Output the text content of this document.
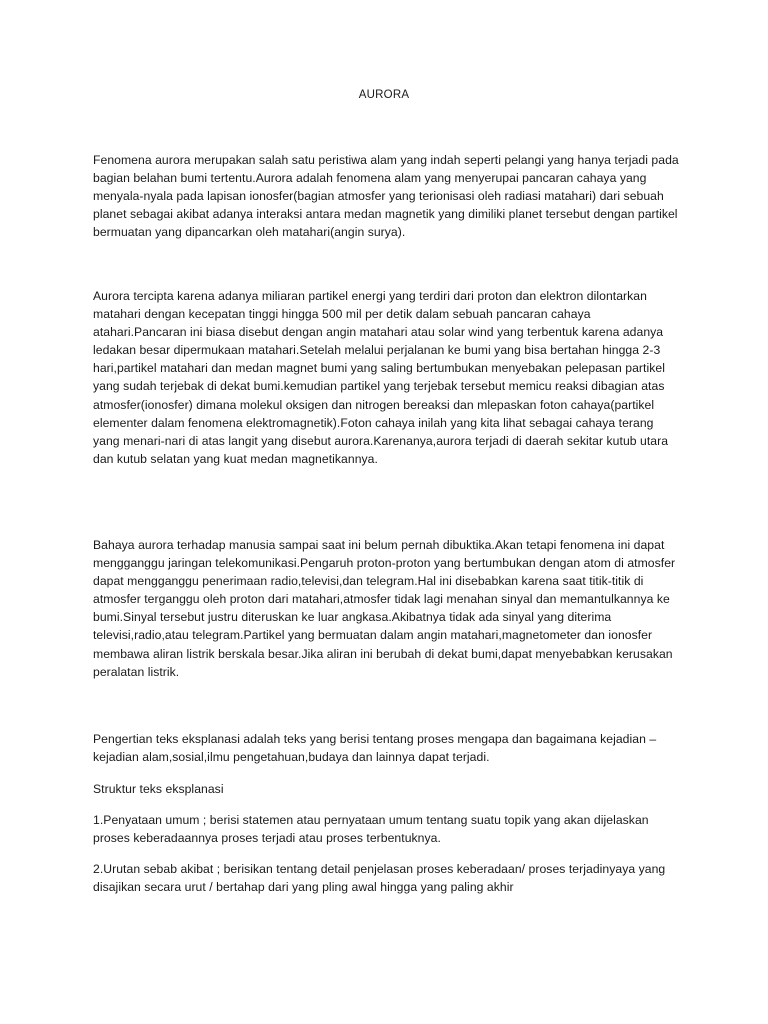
AURORA

Fenomena aurora merupakan salah satu peristiwa alam yang indah seperti pelangi yang hanya terjadi pada bagian belahan bumi tertentu.Aurora adalah fenomena alam yang menyerupai pancaran cahaya yang menyala-nyala pada lapisan ionosfer(bagian atmosfer yang terionisasi oleh radiasi matahari) dari sebuah planet sebagai akibat adanya interaksi antara medan magnetik yang dimiliki planet tersebut dengan partikel bermuatan yang dipancarkan oleh matahari(angin surya).

Aurora tercipta karena adanya miliaran partikel energi yang terdiri dari proton dan elektron dilontarkan matahari dengan kecepatan tinggi hingga 500 mil per detik dalam sebuah pancaran cahaya atahari.Pancaran ini biasa disebut dengan angin matahari atau solar wind yang terbentuk karena adanya ledakan besar dipermukaan matahari.Setelah melalui perjalanan ke bumi yang bisa bertahan hingga 2-3 hari,partikel matahari dan medan magnet bumi yang saling bertumbukan menyebakan pelepasan partikel yang sudah terjebak di dekat bumi.kemudian partikel yang terjebak tersebut memicu reaksi dibagian atas atmosfer(ionosfer) dimana molekul oksigen dan nitrogen bereaksi dan mlepaskan foton cahaya(partikel elementer dalam fenomena elektromagnetik).Foton cahaya inilah yang kita lihat sebagai cahaya terang yang menari-nari di atas langit yang disebut aurora.Karenanya,aurora terjadi di daerah sekitar kutub utara dan kutub selatan yang kuat medan magnetikannya.

Bahaya aurora terhadap manusia sampai saat ini belum pernah dibuktika.Akan tetapi fenomena ini dapat mengganggu jaringan telekomunikasi.Pengaruh proton-proton yang bertumbukan dengan atom di atmosfer dapat mengganggu penerimaan radio,televisi,dan telegram.Hal ini disebabkan karena saat titik-titik di atmosfer terganggu oleh proton dari matahari,atmosfer tidak lagi menahan sinyal dan memantulkannya ke bumi.Sinyal tersebut justru diteruskan ke luar angkasa.Akibatnya tidak ada sinyal yang diterima televisi,radio,atau telegram.Partikel yang bermuatan dalam angin matahari,magnetometer dan ionosfer membawa aliran listrik berskala besar.Jika aliran ini berubah di dekat bumi,dapat menyebabkan kerusakan peralatan listrik.

Pengertian teks eksplanasi adalah teks yang berisi tentang proses mengapa dan bagaimana kejadian – kejadian alam,sosial,ilmu pengetahuan,budaya dan lainnya dapat terjadi.

Struktur teks eksplanasi

1.Penyataan umum ; berisi statemen atau pernyataan umum tentang suatu topik yang akan dijelaskan proses keberadaannya proses terjadi atau proses terbentuknya.

2.Urutan sebab akibat ; berisikan tentang detail penjelasan proses keberadaan/ proses terjadinyaya yang disajikan secara urut / bertahap dari yang pling awal hingga yang paling akhir
